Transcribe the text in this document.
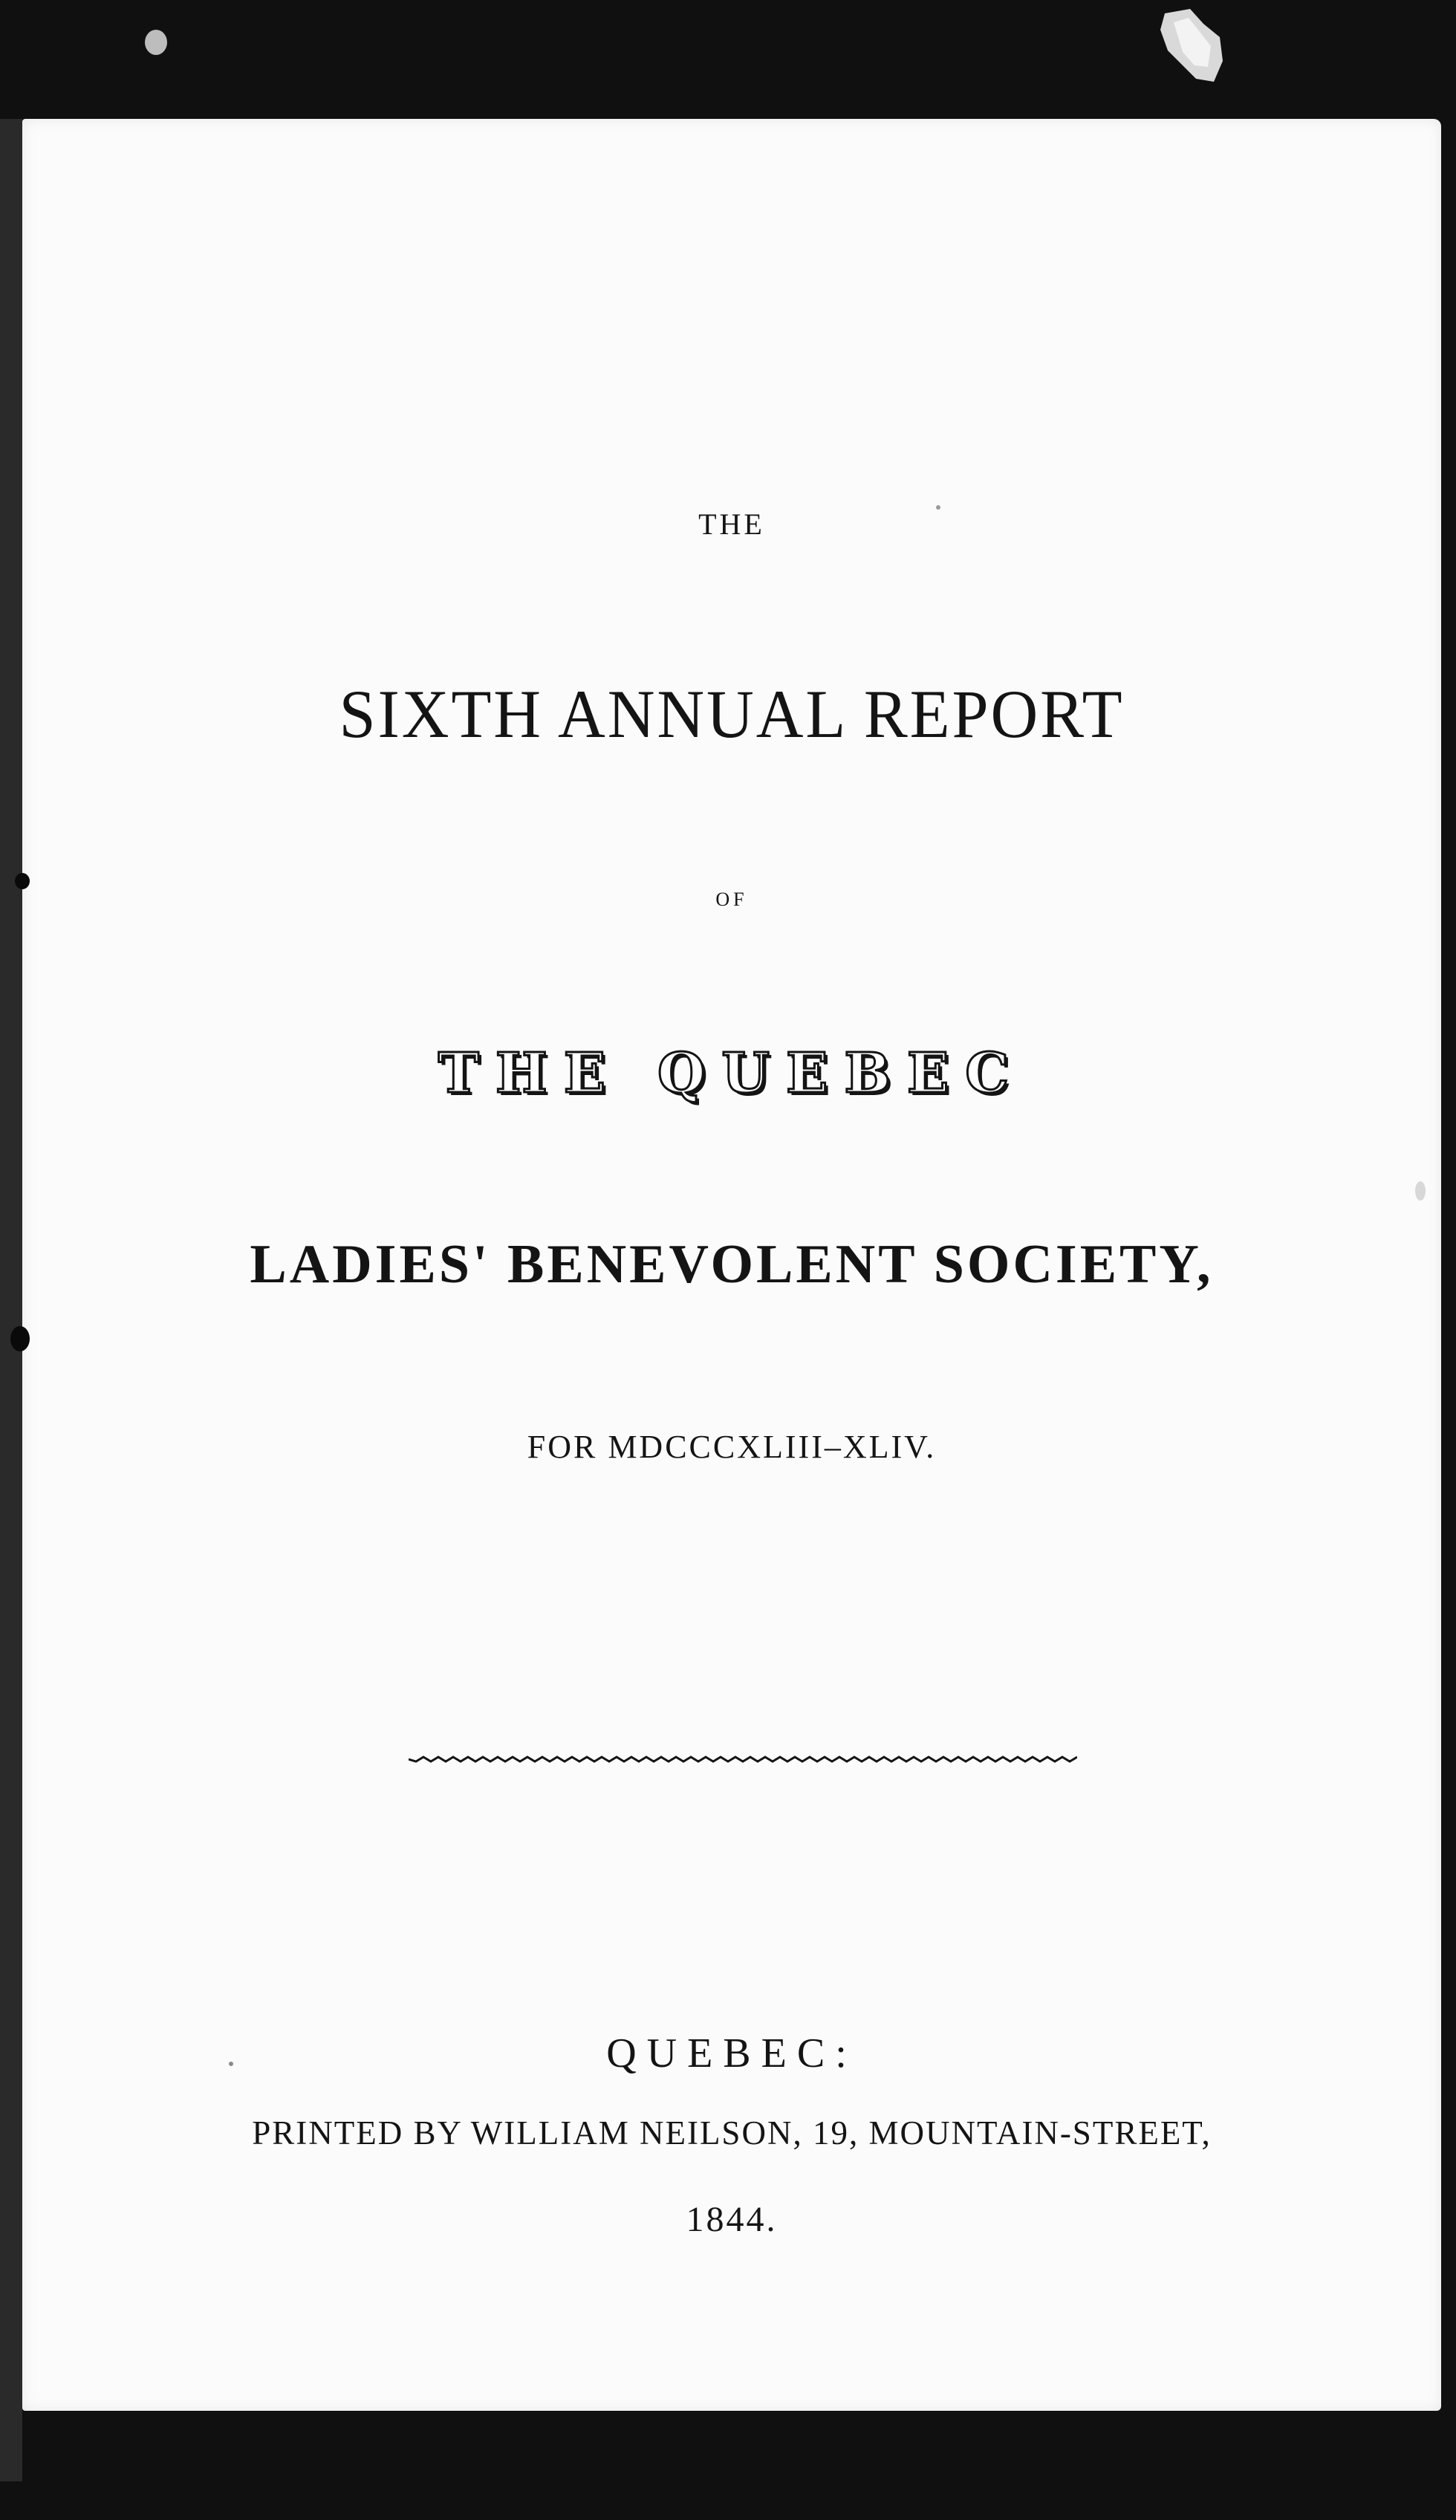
THE
SIXTH ANNUAL REPORT
OF
THE QUEBEC
LADIES' BENEVOLENT SOCIETY,
FOR MDCCCXLIII–XLIV.
QUEBEC:
PRINTED BY WILLIAM NEILSON, 19, MOUNTAIN-STREET,
1844.
